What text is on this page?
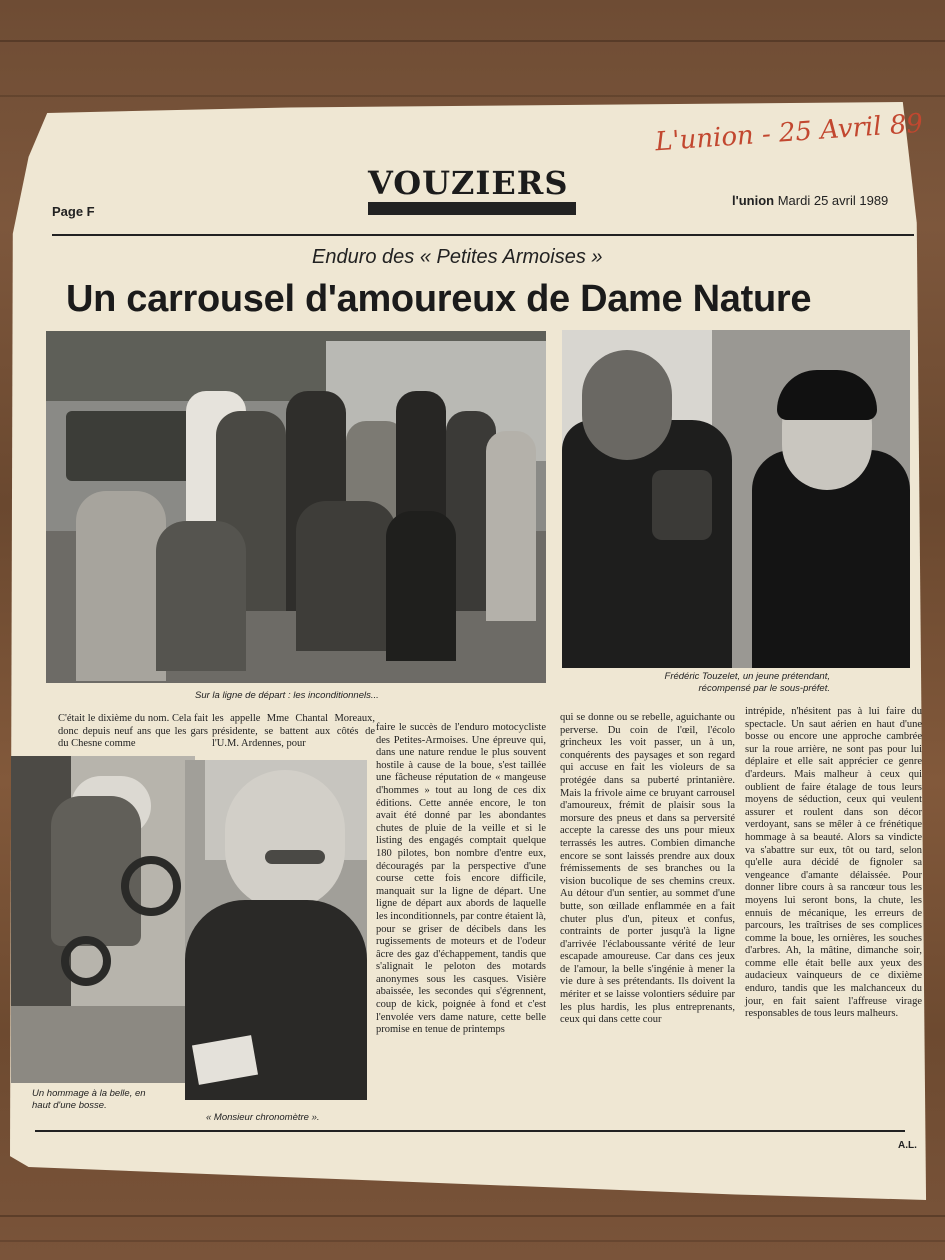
L'union - 25 Avril 89
Page F
VOUZIERS	l'union Mardi 25 avril 1989
Enduro des « Petites Armoises »
Un carrousel d'amoureux de Dame Nature
Sur la ligne de départ : les inconditionnels...
Frédéric Touzelet, un jeune prétendant, récompensé par le sous-préfet.
Un hommage à la belle, en haut d'une bosse.
« Monsieur chronomètre ».
C'était le dixième du nom. Cela fait donc depuis neuf ans que les gars du Chesne comme
les appelle Mme Chantal Moreaux, présidente, se battent aux côtés de l'U.M. Ardennes, pour
faire le succès de l'enduro motocycliste des Petites-Armoises. Une épreuve qui, dans une nature rendue le plus souvent hostile à cause de la boue, s'est taillée une fâcheuse réputation de « mangeuse d'hommes » tout au long de ces dix éditions. Cette année encore, le ton avait été donné par les abondantes chutes de pluie de la veille et si le listing des engagés comptait quelque 180 pilotes, bon nombre d'entre eux, découragés par la perspective d'une course cette fois encore difficile, manquait sur la ligne de départ. Une ligne de départ aux abords de laquelle les inconditionnels, par contre étaient là, pour se griser de décibels dans les rugissements de moteurs et de l'odeur âcre des gaz d'échappement, tandis que s'alignait le peloton des motards anonymes sous les casques. Visière abaissée, les secondes qui s'égrennent, coup de kick, poignée à fond et c'est l'envolée vers dame nature, cette belle promise en tenue de printemps
qui se donne ou se rebelle, aguichante ou perverse. Du coin de l'œil, l'écolo grincheux les voit passer, un à un, conquérents des paysages et son regard qui accuse en fait les violeurs de sa protégée dans sa puberté printanière. Mais la frivole aime ce bruyant carrousel d'amoureux, frémit de plaisir sous la morsure des pneus et dans sa perversité accepte la caresse des uns pour mieux terrassés les autres. Combien dimanche encore se sont laissés prendre aux doux frémissements de ses branches ou la vision bucolique de ses chemins creux. Au détour d'un sentier, au sommet d'une butte, son œillade enflammée en a fait chuter plus d'un, piteux et confus, contraints de porter jusqu'à la ligne d'arrivée l'éclaboussante vérité de leur escapade amoureuse. Car dans ces jeux de l'amour, la belle s'ingénie à mener la vie dure à ses prétendants. Ils doivent la mériter et se laisse volontiers séduire par les plus hardis, les plus entreprenants, ceux qui dans cette cour
intrépide, n'hésitent pas à lui faire du spectacle. Un saut aérien en haut d'une bosse ou encore une approche cambrée sur la roue arrière, ne sont pas pour lui déplaire et elle sait apprécier ce genre d'ardeurs. Mais malheur à ceux qui oublient de faire étalage de tous leurs moyens de séduction, ceux qui veulent assurer et roulent dans son décor verdoyant, sans se mêler à ce frénétique hommage à sa beauté. Alors sa vindicte va s'abattre sur eux, tôt ou tard, selon qu'elle aura décidé de fignoler sa vengeance d'amante délaissée. Pour donner libre cours à sa rancœur tous les moyens lui seront bons, la chute, les ennuis de mécanique, les erreurs de parcours, les traîtrises de ses complices comme la boue, les ornières, les souches d'arbres. Ah, la mâtine, dimanche soir, comme elle était belle aux yeux des audacieux vainqueurs de ce dixième enduro, tandis que les malchanceux du jour, en fait saient l'affreuse virage responsables de tous leurs malheurs.
A.L.
